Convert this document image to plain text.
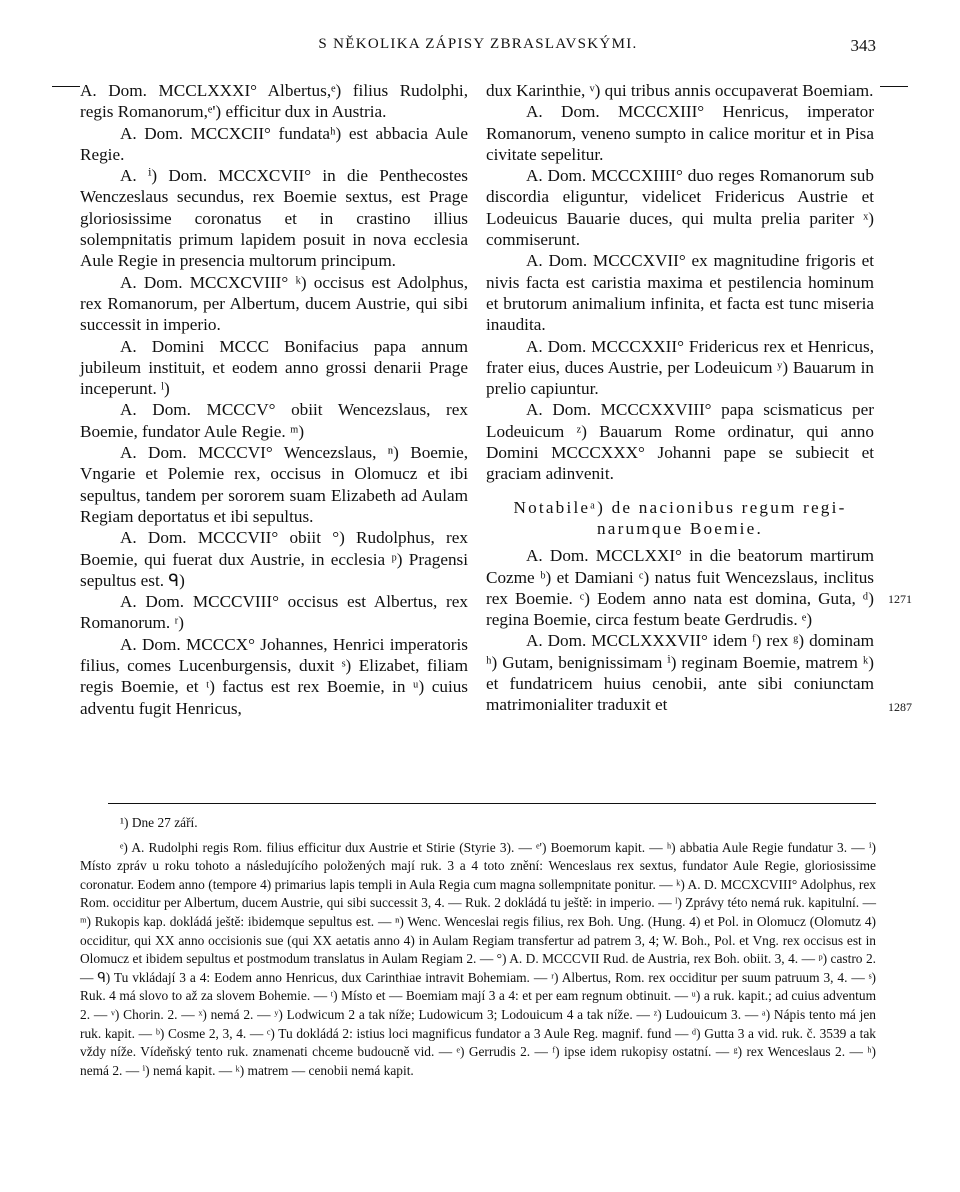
S NĚKOLIKA ZÁPISY ZBRASLAVSKÝMI.	343

A. Dom. MCCLXXXI° Albertus,ᵉ) filius Rudolphi, regis Romanorum,ᵉ') efficitur dux in Austria.

A. Dom. MCCXCII° fundataʰ) est abbacia Aule Regie.

A. ⁱ) Dom. MCCXCVII° in die Penthecostes Wenczeslaus secundus, rex Boemie sextus, est Prage gloriosissime coronatus et in crastino illius solempnitatis primum lapidem posuit in nova ecclesia Aule Regie in presencia multorum principum.

A. Dom. MCCXCVIII° ᵏ) occisus est Adolphus, rex Romanorum, per Albertum, ducem Austrie, qui sibi successit in imperio.

A. Domini MCCC Bonifacius papa annum jubileum instituit, et eodem anno grossi denarii Prage inceperunt. ˡ)

A. Dom. MCCCV° obiit Wencezslaus, rex Boemie, fundator Aule Regie. ᵐ)

A. Dom. MCCCVI° Wencezslaus, ⁿ) Boemie, Vngarie et Polemie rex, occisus in Olomucz et ibi sepultus, tandem per sororem suam Elizabeth ad Aulam Regiam deportatus et ibi sepultus.

A. Dom. MCCCVII° obiit °) Rudolphus, rex Boemie, qui fuerat dux Austrie, in ecclesia ᵖ) Pragensi sepultus est. ᑫ)

A. Dom. MCCCVIII° occisus est Albertus, rex Romanorum. ʳ)

A. Dom. MCCCX° Johannes, Henrici imperatoris filius, comes Lucenburgensis, duxit ˢ) Elizabet, filiam regis Boemie, et ᵗ) factus est rex Boemie, in ᵘ) cuius adventu fugit Henricus,

dux Karinthie, ᵛ) qui tribus annis occupaverat Boemiam.

A. Dom. MCCCXIII° Henricus, imperator Romanorum, veneno sumpto in calice moritur et in Pisa civitate sepelitur.

A. Dom. MCCCXIIII° duo reges Romanorum sub discordia eliguntur, videlicet Fridericus Austrie et Lodeuicus Bauarie duces, qui multa prelia pariter ˣ) commiserunt.

A. Dom. MCCCXVII° ex magnitudine frigoris et nivis facta est caristia maxima et pestilencia hominum et brutorum animalium infinita, et facta est tunc miseria inaudita.

A. Dom. MCCCXXII° Fridericus rex et Henricus, frater eius, duces Austrie, per Lodeuicum ʸ) Bauarum in prelio capiuntur.

A. Dom. MCCCXXVIII° papa scismaticus per Lodeuicum ᶻ) Bauarum Rome ordinatur, qui anno Domini MCCCXXX° Johanni pape se subiecit et graciam adinvenit.

Notabileᵃ) de nacionibus regum regi-narumque Boemie.

A. Dom. MCCLXXI° in die beatorum martirum Cozme ᵇ) et Damiani ᶜ) natus fuit Wencezslaus, inclitus rex Boemie. ᶜ) Eodem anno nata est domina, Guta, ᵈ) regina Boemie, circa festum beate Gerdrudis. ᵉ)

A. Dom. MCCLXXXVII° idem ᶠ) rex ᵍ) dominam ʰ) Gutam, benignissimam ⁱ) reginam Boemie, matrem ᵏ) et fundatricem huius cenobii, ante sibi coniunctam matrimonialiter traduxit et

1271
1287

¹) Dne 27 září.

ᵉ) A. Rudolphi regis Rom. filius efficitur dux Austrie et Stirie (Styrie 3). — ᵉ') Boemorum kapit. — ʰ) abbatia Aule Regie fundatur 3. — ⁱ) Místo zpráv u roku tohoto a následujícího položených mají ruk. 3 a 4 toto znění: Wenceslaus rex sextus, fundator Aule Regie, gloriosissime coronatur. Eodem anno (tempore 4) primarius lapis templi in Aula Regia cum magna sollempnitate ponitur. — ᵏ) A. D. MCCXCVIII° Adolphus, rex Rom. occiditur per Albertum, ducem Austrie, qui sibi successit 3, 4. — Ruk. 2 dokládá tu ještě: in imperio. — ˡ) Zprávy této nemá ruk. kapitulní. — ᵐ) Rukopis kap. dokládá ještě: ibidemque sepultus est. — ⁿ) Wenc. Wenceslai regis filius, rex Boh. Ung. (Hung. 4) et Pol. in Olomucz (Olomutz 4) occiditur, qui XX anno occisionis sue (qui XX aetatis anno 4) in Aulam Regiam transfertur ad patrem 3, 4; W. Boh., Pol. et Vng. rex occisus est in Olomucz et ibidem sepultus et postmodum translatus in Aulam Regiam 2. — °) A. D. MCCCVII Rud. de Austria, rex Boh. obiit. 3, 4. — ᵖ) castro 2. — ᑫ) Tu vkládají 3 a 4: Eodem anno Henricus, dux Carinthiae intravit Bohemiam. — ʳ) Albertus, Rom. rex occiditur per suum patruum 3, 4. — ˢ) Ruk. 4 má slovo to až za slovem Bohemie. — ᵗ) Místo et — Boemiam mají 3 a 4: et per eam regnum obtinuit. — ᵘ) a ruk. kapit.; ad cuius adventum 2. — ᵛ) Chorin. 2. — ˣ) nemá 2. — ʸ) Lodwicum 2 a tak níže; Ludowicum 3; Lodouicum 4 a tak níže. — ᶻ) Ludouicum 3. — ᵃ) Nápis tento má jen ruk. kapit. — ᵇ) Cosme 2, 3, 4. — ᶜ) Tu dokládá 2: istius loci magnificus fundator a 3 Aule Reg. magnif. fund — ᵈ) Gutta 3 a vid. ruk. č. 3539 a tak vždy níže. Vídeňský tento ruk. znamenati chceme budoucně vid. — ᵉ) Gerrudis 2. — ᶠ) ipse idem rukopisy ostatní. — ᵍ) rex Wenceslaus 2. — ʰ) nemá 2. — ⁱ) nemá kapit. — ᵏ) matrem — cenobii nemá kapit.
